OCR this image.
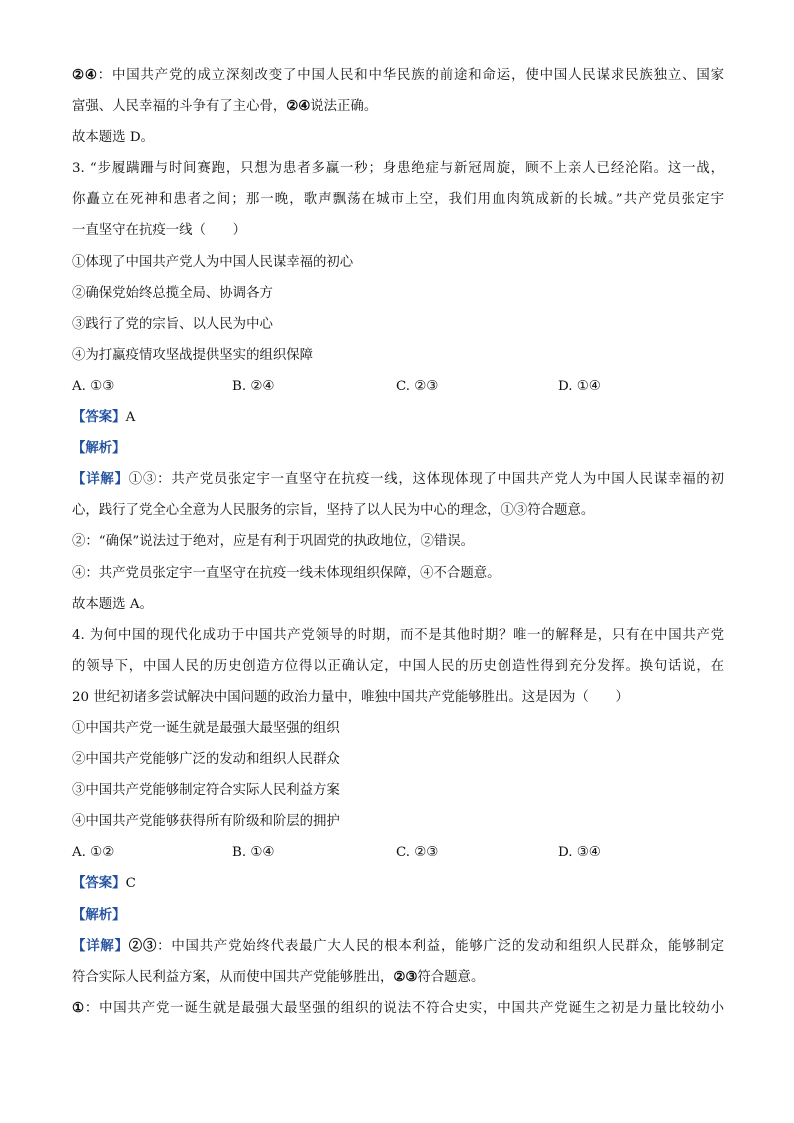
②④：中国共产党的成立深刻改变了中国人民和中华民族的前途和命运，使中国人民谋求民族独立、国家
富强、人民幸福的斗争有了主心骨，②④说法正确。
故本题选 D。
3. “步履蹒跚与时间赛跑，只想为患者多赢一秒；身患绝症与新冠周旋，顾不上亲人已经沦陷。这一战，
你矗立在死神和患者之间；那一晚，歌声飘荡在城市上空，我们用血肉筑成新的长城。”共产党员张定宇
一直坚守在抗疫一线（　　）
①体现了中国共产党人为中国人民谋幸福的初心
②确保党始终总揽全局、协调各方
③践行了党的宗旨、以人民为中心
④为打赢疫情攻坚战提供坚实的组织保障
A. ①③	B. ②④	C. ②③	D. ①④
【答案】A
【解析】
【详解】①③：共产党员张定宇一直坚守在抗疫一线，这体现体现了中国共产党人为中国人民谋幸福的初
心，践行了党全心全意为人民服务的宗旨，坚持了以人民为中心的理念，①③符合题意。
②：“确保”说法过于绝对，应是有利于巩固党的执政地位，②错误。
④：共产党员张定宇一直坚守在抗疫一线未体现组织保障，④不合题意。
故本题选 A。
4. 为何中国的现代化成功于中国共产党领导的时期，而不是其他时期？唯一的解释是，只有在中国共产党
的领导下，中国人民的历史创造方位得以正确认定，中国人民的历史创造性得到充分发挥。换句话说，在
20 世纪初诸多尝试解决中国问题的政治力量中，唯独中国共产党能够胜出。这是因为（　　）
①中国共产党一诞生就是最强大最坚强的组织
②中国共产党能够广泛的发动和组织人民群众
③中国共产党能够制定符合实际人民利益方案
④中国共产党能够获得所有阶级和阶层的拥护
A. ①②	B. ①④	C. ②③	D. ③④
【答案】C
【解析】
【详解】②③：中国共产党始终代表最广大人民的根本利益，能够广泛的发动和组织人民群众，能够制定
符合实际人民利益方案，从而使中国共产党能够胜出，②③符合题意。
①：中国共产党一诞生就是最强大最坚强的组织的说法不符合史实，中国共产党诞生之初是力量比较幼小
